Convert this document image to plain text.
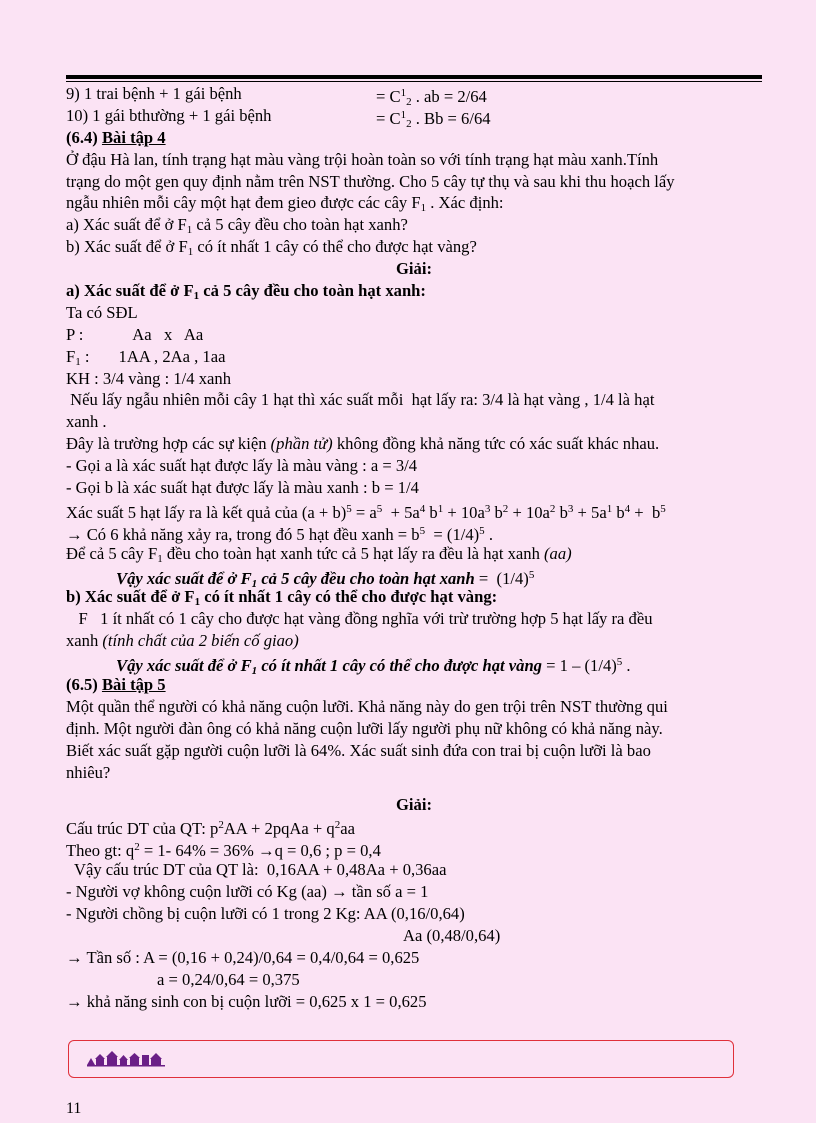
9) 1 trai bệnh + 1 gái bệnh	= $C^1_2$ . ab = 2/64
10) 1 gái bthường + 1 gái bệnh	= $C^1_2$ . Bb = 6/64
(6.4) Bài tập 4
Ở đậu Hà lan, tính trạng hạt màu vàng trội hoàn toàn so với tính trạng hạt màu xanh.Tính
trạng do một gen quy định nằm trên NST thường. Cho 5 cây tự thụ và sau khi thu hoạch lấy
ngẫu nhiên mỗi cây một hạt đem gieo được các cây $F_1$ . Xác định:
a) Xác suất để ở $F_1$ cả 5 cây đều cho toàn hạt xanh?
b) Xác suất để ở $F_1$ có ít nhất 1 cây có thể cho được hạt vàng?
Giải:
a) Xác suất để ở $F_1$ cả 5 cây đều cho toàn hạt xanh:
Ta có SĐL
P :            Aa   x   Aa
$F_1$ :       1AA , 2Aa , 1aa
KH : 3/4 vàng : 1/4 xanh
Nếu lấy ngẫu nhiên mỗi cây 1 hạt thì xác suất mỗi  hạt lấy ra: 3/4 là hạt vàng , 1/4 là hạt
xanh .
Đây là trường hợp các sự kiện (phần tử) không đồng khả năng tức có xác suất khác nhau.
- Gọi a là xác suất hạt được lấy là màu vàng : a = 3/4
- Gọi b là xác suất hạt được lấy là màu xanh : b = 1/4
Xác suất 5 hạt lấy ra là kết quả của $(a + b)^5 = a^5 + 5a^4$ $b^1 + 10a^3$ $b^2 + 10a^2$ $b^3 + 5a^1$ $b^4 + b^5$
→ Có 6 khả năng xảy ra, trong đó 5 hạt đều xanh = $b^5 = (1/4)^5$ .
Để cả 5 cây $F_1$ đều cho toàn hạt xanh tức cả 5 hạt lấy ra đều là hạt xanh (aa)
Vậy xác suất để ở $F_1$ cả 5 cây đều cho toàn hạt xanh =  $(1/4)^5$
b) Xác suất để ở $F_1$ có ít nhất 1 cây có thể cho được hạt vàng:
F   1 ít nhất có 1 cây cho được hạt vàng đồng nghĩa với trừ trường hợp 5 hạt lấy ra đều
xanh (tính chất của 2 biến cố giao)
Vậy xác suất để ở $F_1$ có ít nhất 1 cây có thể cho được hạt vàng = $1 - (1/4)^5$ .
(6.5) Bài tập 5
Một quần thể người có khả năng cuộn lưỡi. Khả năng này do gen trội trên NST thường qui
định. Một người đàn ông có khả năng cuộn lưỡi lấy người phụ nữ không có khả năng này.
Biết xác suất gặp người cuộn lưỡi là 64%. Xác suất sinh đứa con trai bị cuộn lưỡi là bao
nhiêu?
Giải:
Cấu trúc DT của QT: $p^2AA$ + 2pqAa + $q^2aa$
Theo gt: $q^2 = 1-$ 64% = 36% →q = 0,6 ; p = 0,4
Vậy cấu trúc DT của QT là:  0,16AA + 0,48Aa + 0,36aa
- Người vợ không cuộn lưỡi có Kg (aa) → tần số a = 1
- Người chồng bị cuộn lưỡi có 1 trong 2 Kg: AA (0,16/0,64)
Aa (0,48/0,64)
→ Tần số : A = (0,16 + 0,24)/0,64 = 0,4/0,64 = 0,625
a = 0,24/0,64 = 0,375
→ khả năng sinh con bị cuộn lưỡi = 0,625 x 1 = 0,625
11
